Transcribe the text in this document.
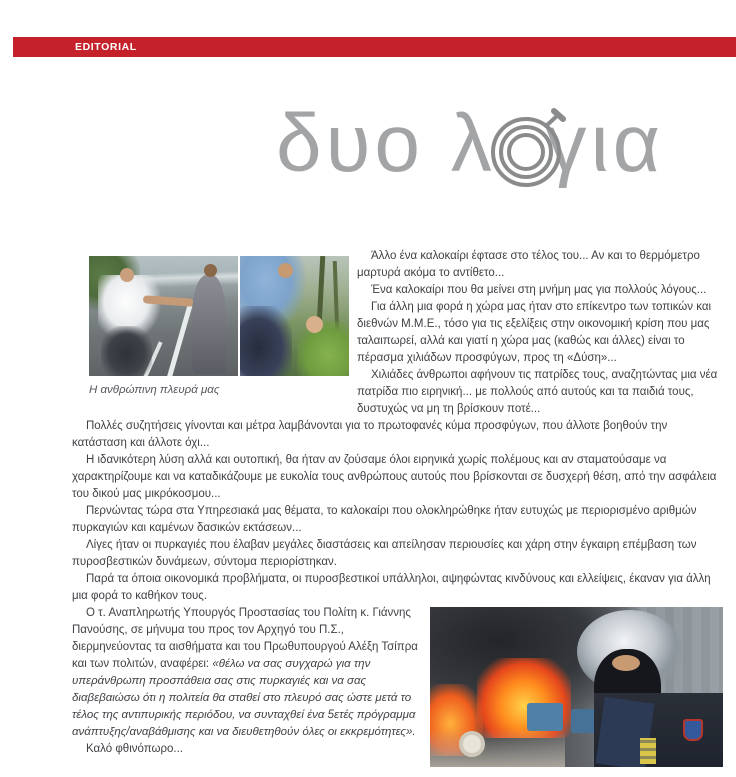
EDITORIAL
δυο λ για
Η ανθρώπινη πλευρά μας

Άλλο ένα καλοκαίρι έφτασε στο τέλος του... Αν και το θερμόμετρο μαρτυρά ακόμα το αντίθετο...

Ένα καλοκαίρι που θα μείνει στη μνήμη μας για πολλούς λόγους...

Για άλλη μια φορά η χώρα μας ήταν στο επίκεντρο των τοπικών και διεθνών Μ.Μ.Ε., τόσο για τις εξελίξεις στην οικονομική κρίση που μας ταλαιπωρεί, αλλά και γιατί η χώρα μας (καθώς και άλλες) είναι το πέρασμα χιλιάδων προσφύγων, προς τη «Δύση»...

Χιλιάδες άνθρωποι αφήνουν τις πατρίδες τους, αναζητώντας μια νέα πατρίδα πιο ειρηνική... με πολλούς από αυτούς και τα παιδιά τους, δυστυχώς να μη τη βρίσκουν ποτέ...

Πολλές συζητήσεις γίνονται και μέτρα λαμβάνονται για το πρωτοφανές κύμα προσφύγων, που άλλοτε βοηθούν την κατάσταση και άλλοτε όχι...

Η ιδανικότερη λύση αλλά και ουτοπική, θα ήταν αν ζούσαμε όλοι ειρηνικά χωρίς πολέμους και αν σταματούσαμε να χαρακτηρίζουμε και να καταδικάζουμε με ευκολία τους ανθρώπους αυτούς που βρίσκονται σε δυσχερή θέση, από την ασφάλεια του δικού μας μικρόκοσμου...

Περνώντας τώρα στα Υπηρεσιακά μας θέματα, το καλοκαίρι που ολοκληρώθηκε ήταν ευτυχώς με περιορισμένο αριθμών πυρκαγιών και καμένων δασικών εκτάσεων...

Λίγες ήταν οι πυρκαγιές που έλαβαν μεγάλες διαστάσεις και απείλησαν περιουσίες και χάρη στην έγκαιρη επέμβαση των πυροσβεστικών δυνάμεων, σύντομα περιορίστηκαν.

Παρά τα όποια οικονομικά προβλήματα, οι πυροσβεστικοί υπάλληλοι, αψηφώντας κινδύνους και ελλείψεις, έκαναν για άλλη μια φορά το καθήκον τους.

Ο τ. Αναπληρωτής Υπουργός Προστασίας του Πολίτη κ. Γιάννης Πανούσης, σε μήνυμα του προς τον Αρχηγό του Π.Σ., διερμηνεύοντας τα αισθήματα και του Πρωθυπουργού Αλέξη Τσίπρα και των πολιτών, αναφέρει: «θέλω να σας συγχαρώ για την υπεράνθρωπη προσπάθεια σας στις πυρκαγιές και να σας διαβεβαιώσω ότι η πολιτεία θα σταθεί στο πλευρό σας ώστε μετά το τέλος της αντιπυρικής περιόδου, να συνταχθεί ένα 5ετές πρόγραμμα ανάπτυξης/αναβάθμισης και να διευθετηθούν όλες οι εκκρεμότητες».

Καλό φθινόπωρο...
